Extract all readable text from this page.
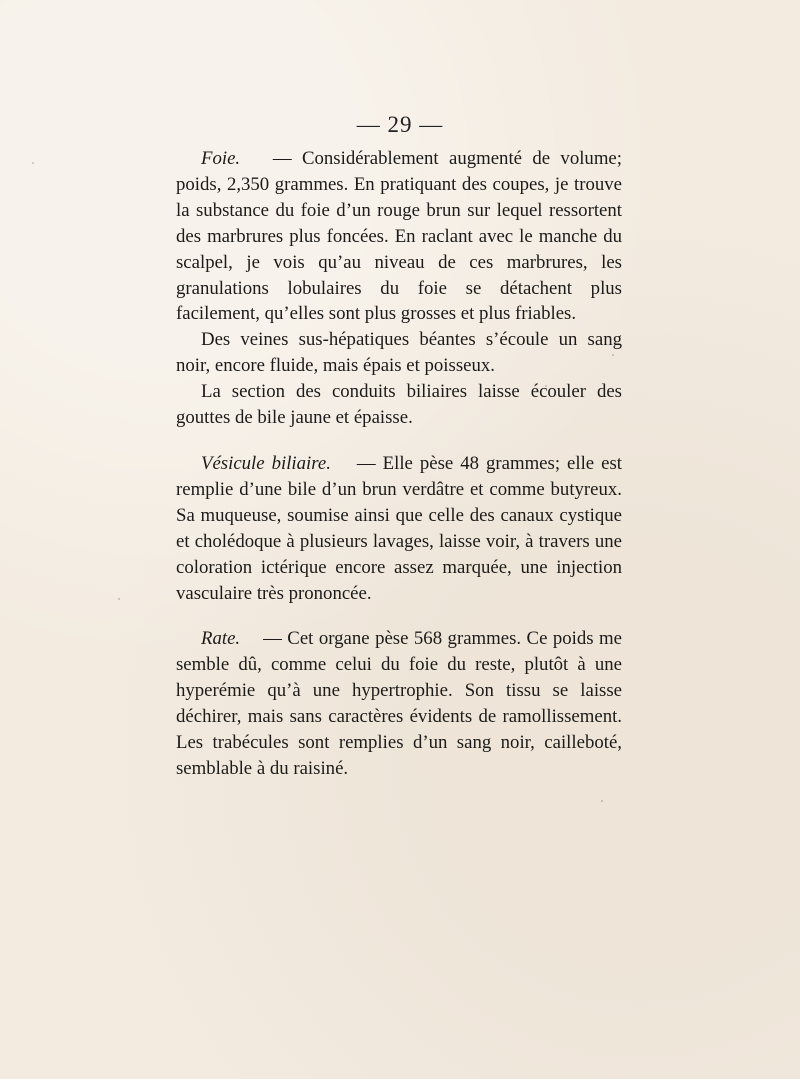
— 29 —

Foie. — Considérablement augmenté de volume; poids, 2,350 grammes. En pratiquant des coupes, je trouve la substance du foie d’un rouge brun sur lequel ressortent des marbrures plus foncées. En raclant avec le manche du scalpel, je vois qu’au niveau de ces marbrures, les granulations lobulaires du foie se détachent plus facilement, qu’elles sont plus grosses et plus friables.

Des veines sus-hépatiques béantes s’écoule un sang noir, encore fluide, mais épais et poisseux.

La section des conduits biliaires laisse écouler des gouttes de bile jaune et épaisse.

Vésicule biliaire. — Elle pèse 48 grammes; elle est remplie d’une bile d’un brun verdâtre et comme butyreux. Sa muqueuse, soumise ainsi que celle des canaux cystique et cholédoque à plusieurs lavages, laisse voir, à travers une coloration ictérique encore assez marquée, une injection vasculaire très prononcée.

Rate. — Cet organe pèse 568 grammes. Ce poids me semble dû, comme celui du foie du reste, plutôt à une hyperémie qu’à une hypertrophie. Son tissu se laisse déchirer, mais sans caractères évidents de ramollissement. Les trabécules sont remplies d’un sang noir, cailleboté, semblable à du raisiné.
